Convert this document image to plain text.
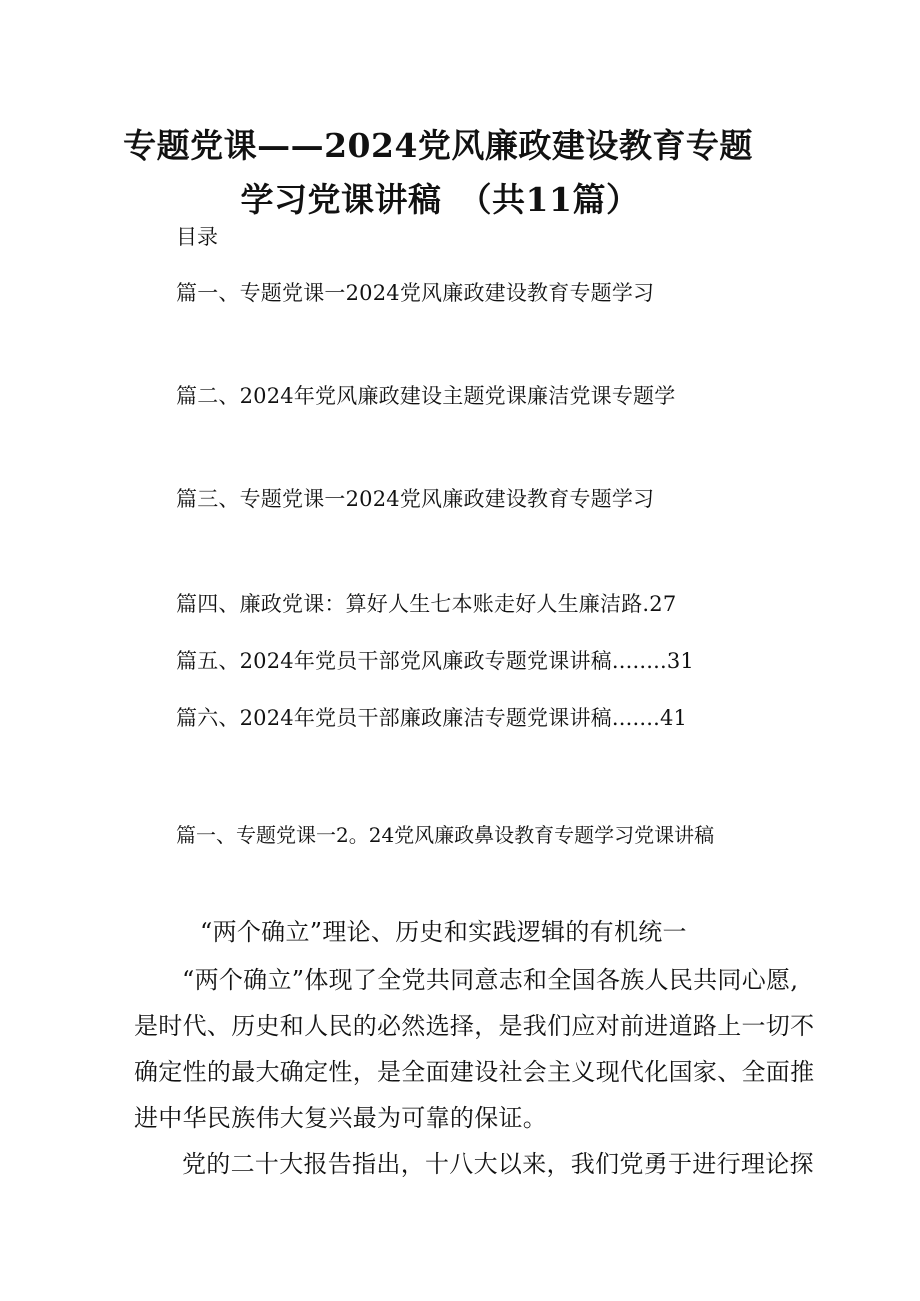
专题党课——2024党风廉政建设教育专题
学习党课讲稿　（共11篇）
目录
篇一、专题党课一2024党风廉政建设教育专题学习
篇二、2024年党风廉政建设主题党课廉洁党课专题学
篇三、专题党课一2024党风廉政建设教育专题学习
篇四、廉政党课：算好人生七本账走好人生廉洁路.27
篇五、2024年党员干部党风廉政专题党课讲稿........31
篇六、2024年党员干部廉政廉洁专题党课讲稿.......41
篇一、专题党课一2。24党风廉政鼻设教育专题学习党课讲稿
“两个确立”理论、历史和实践逻辑的有机统一
“两个确立”体现了全党共同意志和全国各族人民共同心愿,
是时代、历史和人民的必然选择，是我们应对前进道路上一切不
确定性的最大确定性，是全面建设社会主义现代化国家、全面推
进中华民族伟大复兴最为可靠的保证。
党的二十大报告指出，十八大以来，我们党勇于进行理论探
